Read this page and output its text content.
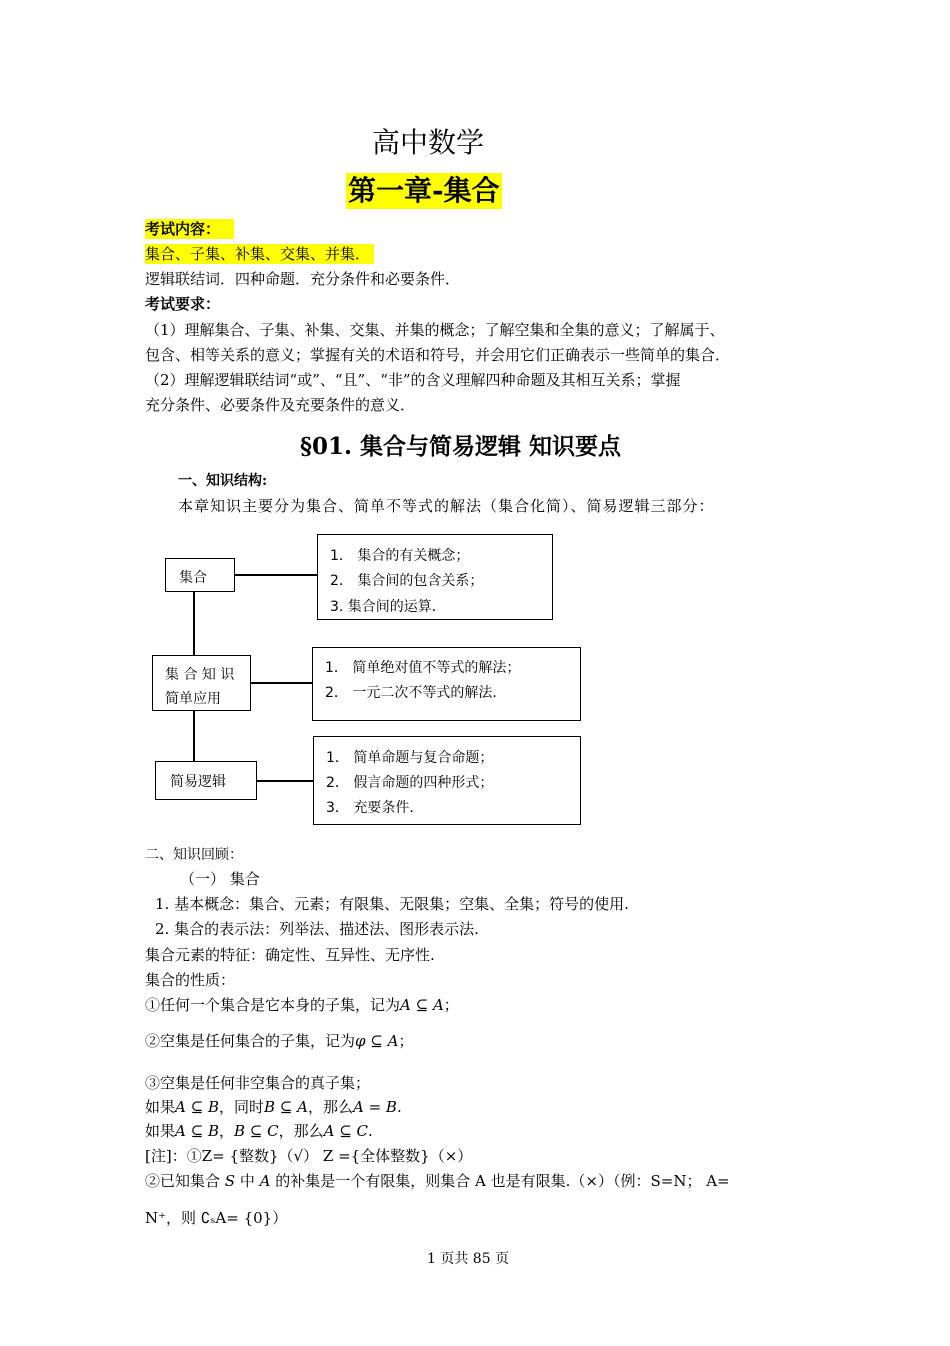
高中数学
第一章-集合
考试内容：
集合、子集、补集、交集、并集．
逻辑联结词．四种命题．充分条件和必要条件．
考试要求：
（1）理解集合、子集、补集、交集、并集的概念；了解空集和全集的意义；了解属于、
包含、相等关系的意义；掌握有关的术语和符号，并会用它们正确表示一些简单的集合．
（2）理解逻辑联结词“或”、“且”、“非”的含义理解四种命题及其相互关系；掌握
充分条件、必要条件及充要条件的意义．
§01. 集合与简易逻辑 知识要点
一、知识结构:
本章知识主要分为集合、简单不等式的解法（集合化简）、简易逻辑三部分：
集合
集 合 知 识
简单应用
简易逻辑
1． 集合的有关概念；
2． 集合间的包含关系；
3. 集合间的运算．
1． 简单绝对值不等式的解法；
2． 一元二次不等式的解法．
1． 简单命题与复合命题；
2． 假言命题的四种形式；
3． 充要条件．
二、知识回顾：
（一） 集合
1. 基本概念：集合、元素；有限集、无限集；空集、全集；符号的使用.
2. 集合的表示法：列举法、描述法、图形表示法.
集合元素的特征：确定性、互异性、无序性.
集合的性质：
①任何一个集合是它本身的子集，记为A ⊆ A；
②空集是任何集合的子集，记为φ ⊆ A；
③空集是任何非空集合的真子集；
如果A ⊆ B，同时B ⊆ A，那么A = B.
如果A ⊆ B，B ⊆ C，那么A ⊆ C.
[注]：①Z= {整数}（√） Z ={全体整数}（×）
②已知集合 S 中 A 的补集是一个有限集，则集合 A 也是有限集.（×）（例：S=N； A=
N⁺，则 ∁ₛA= {0}）
1 页共 85 页
